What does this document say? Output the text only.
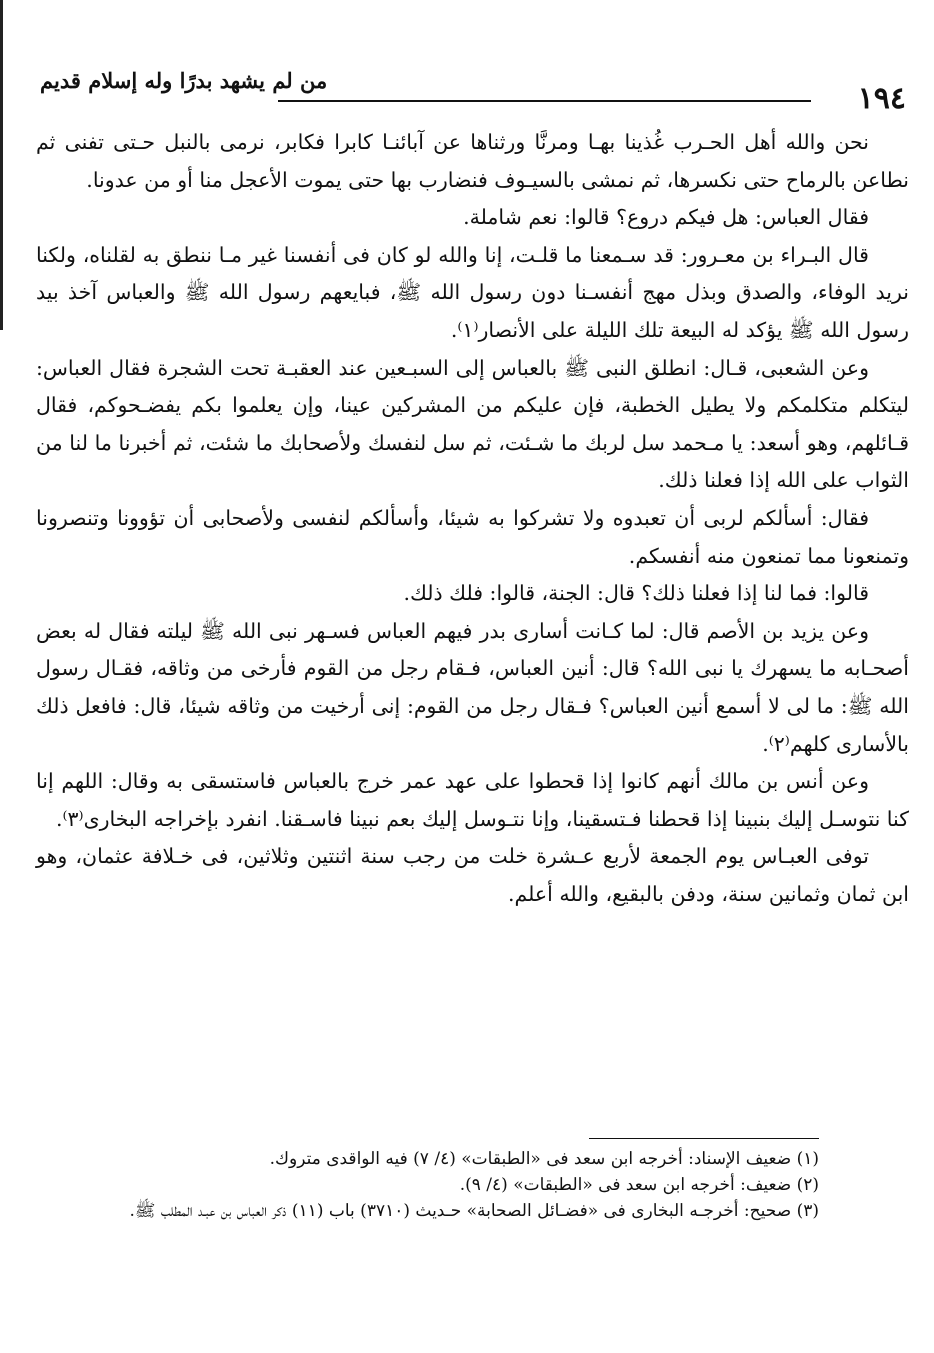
١٩٤
من لم يشهد بدرًا وله إسلام قديم

نحن والله أهل الحـرب غُذينا بهـا ومرنَّا ورثناها عن آبائنـا كابرا فكابر، نرمى بالنبل حـتى تفنى ثم نطاعن بالرماح حتى نكسرها، ثم نمشى بالسيـوف فنضارب بها حتى يموت الأعجل منا أو من عدونا.

فقال العباس: هل فيكم دروع؟ قالوا: نعم شاملة.

قال البـراء بن معـرور: قد سـمعنا ما قلـت، إنا والله لو كان فى أنفسنا غير مـا ننطق به لقلناه، ولكنا نريد الوفاء، والصدق وبذل مهج أنفسـنا دون رسول الله ﷺ، فبايعهم رسول الله ﷺ والعباس آخذ بيد رسول الله ﷺ يؤكد له البيعة تلك الليلة على الأنصار⁽١⁾.

وعن الشعبى، قـال: انطلق النبى ﷺ بالعباس إلى السبـعين عند العقبـة تحت الشجرة فقال العباس: ليتكلم متكلمكم ولا يطيل الخطبة، فإن عليكم من المشركين عينا، وإن يعلموا بكم يفضـحوكم، فقال قـائلهم، وهو أسعد: يا مـحمد سل لربك ما شـئت، ثم سل لنفسك ولأصحابك ما شئت، ثم أخبرنا ما لنا من الثواب على الله إذا فعلنا ذلك.

فقال: أسألكم لربى أن تعبدوه ولا تشركوا به شيئا، وأسألكم لنفسى ولأصحابى أن تؤوونا وتنصرونا وتمنعونا مما تمنعون منه أنفسكم.

قالوا: فما لنا إذا فعلنا ذلك؟ قال: الجنة، قالوا: فلك ذلك.

وعن يزيد بن الأصم قال: لما كـانت أسارى بدر فيهم العباس فسـهر نبى الله ﷺ ليلته فقال له بعض أصحـابه ما يسهرك يا نبى الله؟ قال: أنين العباس، فـقام رجل من القوم فأرخى من وثاقه، فقـال رسول الله ﷺ: ما لى لا أسمع أنين العباس؟ فـقال رجل من القوم: إنى أرخيت من وثاقه شيئا، قال: فافعل ذلك بالأسارى كلهم⁽٢⁾.

وعن أنس بن مالك أنهم كانوا إذا قحطوا على عهد عمر خرج بالعباس فاستسقى به وقال: اللهم إنا كنا نتوسـل إليك بنبينا إذا قحطنا فـتسقينا، وإنا نتـوسل إليك بعم نبينا فاسـقنا. انفرد بإخراجه البخارى⁽٣⁾.

توفى العبـاس يوم الجمعة لأربع عـشرة خلت من رجب سنة اثنتين وثلاثين، فى خـلافة عثمان، وهو ابن ثمان وثمانين سنة، ودفن بالبقيع، والله أعلم.

(١) ضعيف الإسناد: أخرجه ابن سعد فى «الطبقات» (٤/ ٧) فيه الواقدى متروك.

(٢) ضعيف: أخرجه ابن سعد فى «الطبقات» (٤/ ٩).

(٣) صحيح: أخرجـه البخارى فى «فضـائل الصحابة» حـديث (٣٧١٠) باب (١١) ذكر العباس بن عبـد المطلب ﷺ.
